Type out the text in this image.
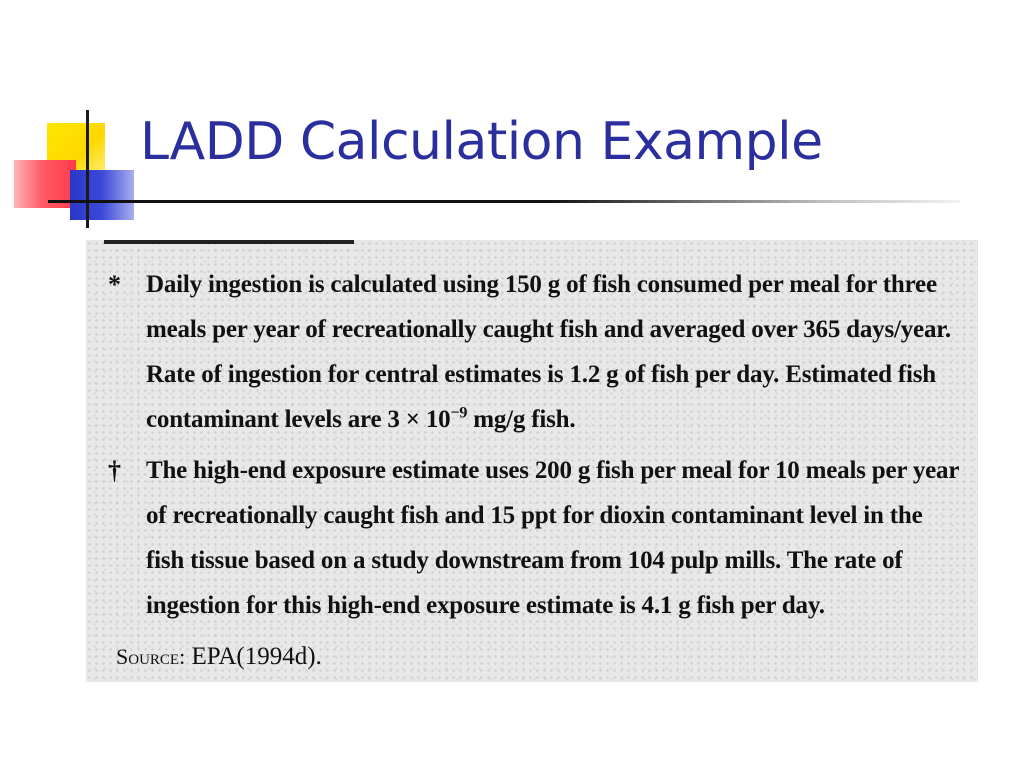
LADD Calculation Example
*	Daily ingestion is calculated using 150 g of fish consumed per meal for three meals per year of recreationally caught fish and averaged over 365 days/year. Rate of ingestion for central estimates is 1.2 g of fish per day. Estimated fish contaminant levels are $3 \times 10^{-9}$ mg/g fish.
†	The high-end exposure estimate uses 200 g fish per meal for 10 meals per year of recreationally caught fish and 15 ppt for dioxin contaminant level in the fish tissue based on a study downstream from 104 pulp mills. The rate of ingestion for this high-end exposure estimate is 4.1 g fish per day.
Source: EPA(1994d).
